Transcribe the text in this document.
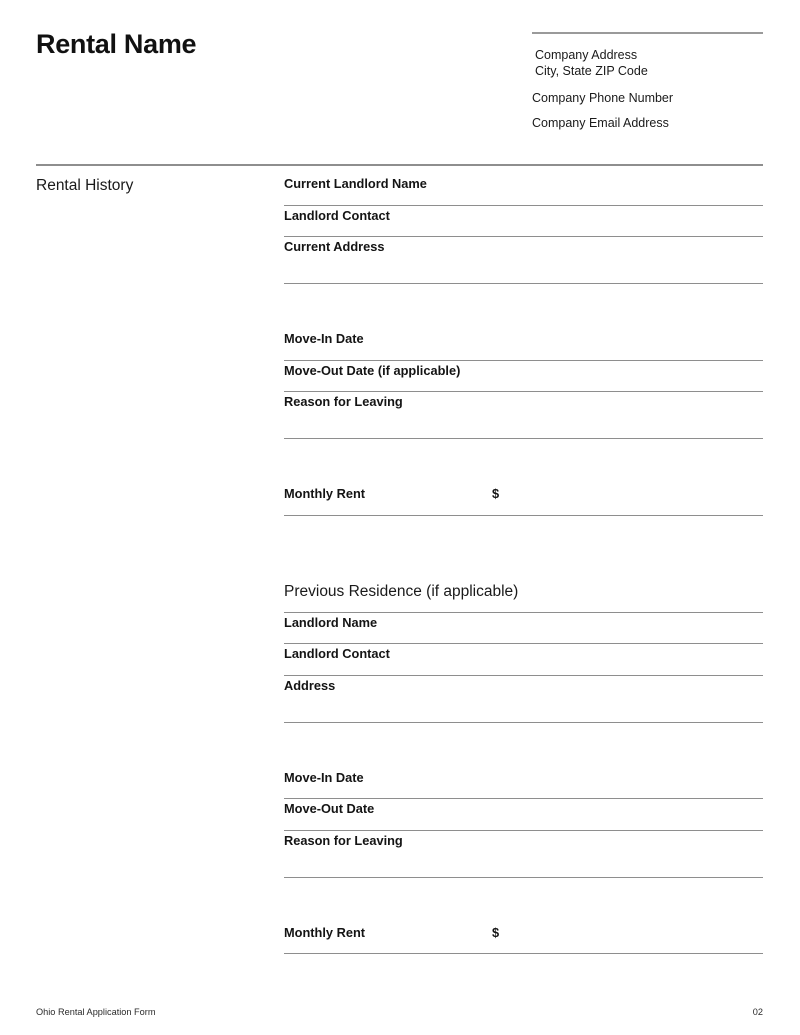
Rental Name	Company Address
City, State ZIP Code
Company Phone Number
Company Email Address
Rental History	Current Landlord Name
Landlord Contact
Current Address
Move-In Date
Move-Out Date (if applicable)
Reason for Leaving
Monthly Rent	$
Previous Residence (if applicable)
Landlord Name
Landlord Contact
Address
Move-In Date
Move-Out Date
Reason for Leaving
Monthly Rent	$
Ohio Rental Application Form	02
